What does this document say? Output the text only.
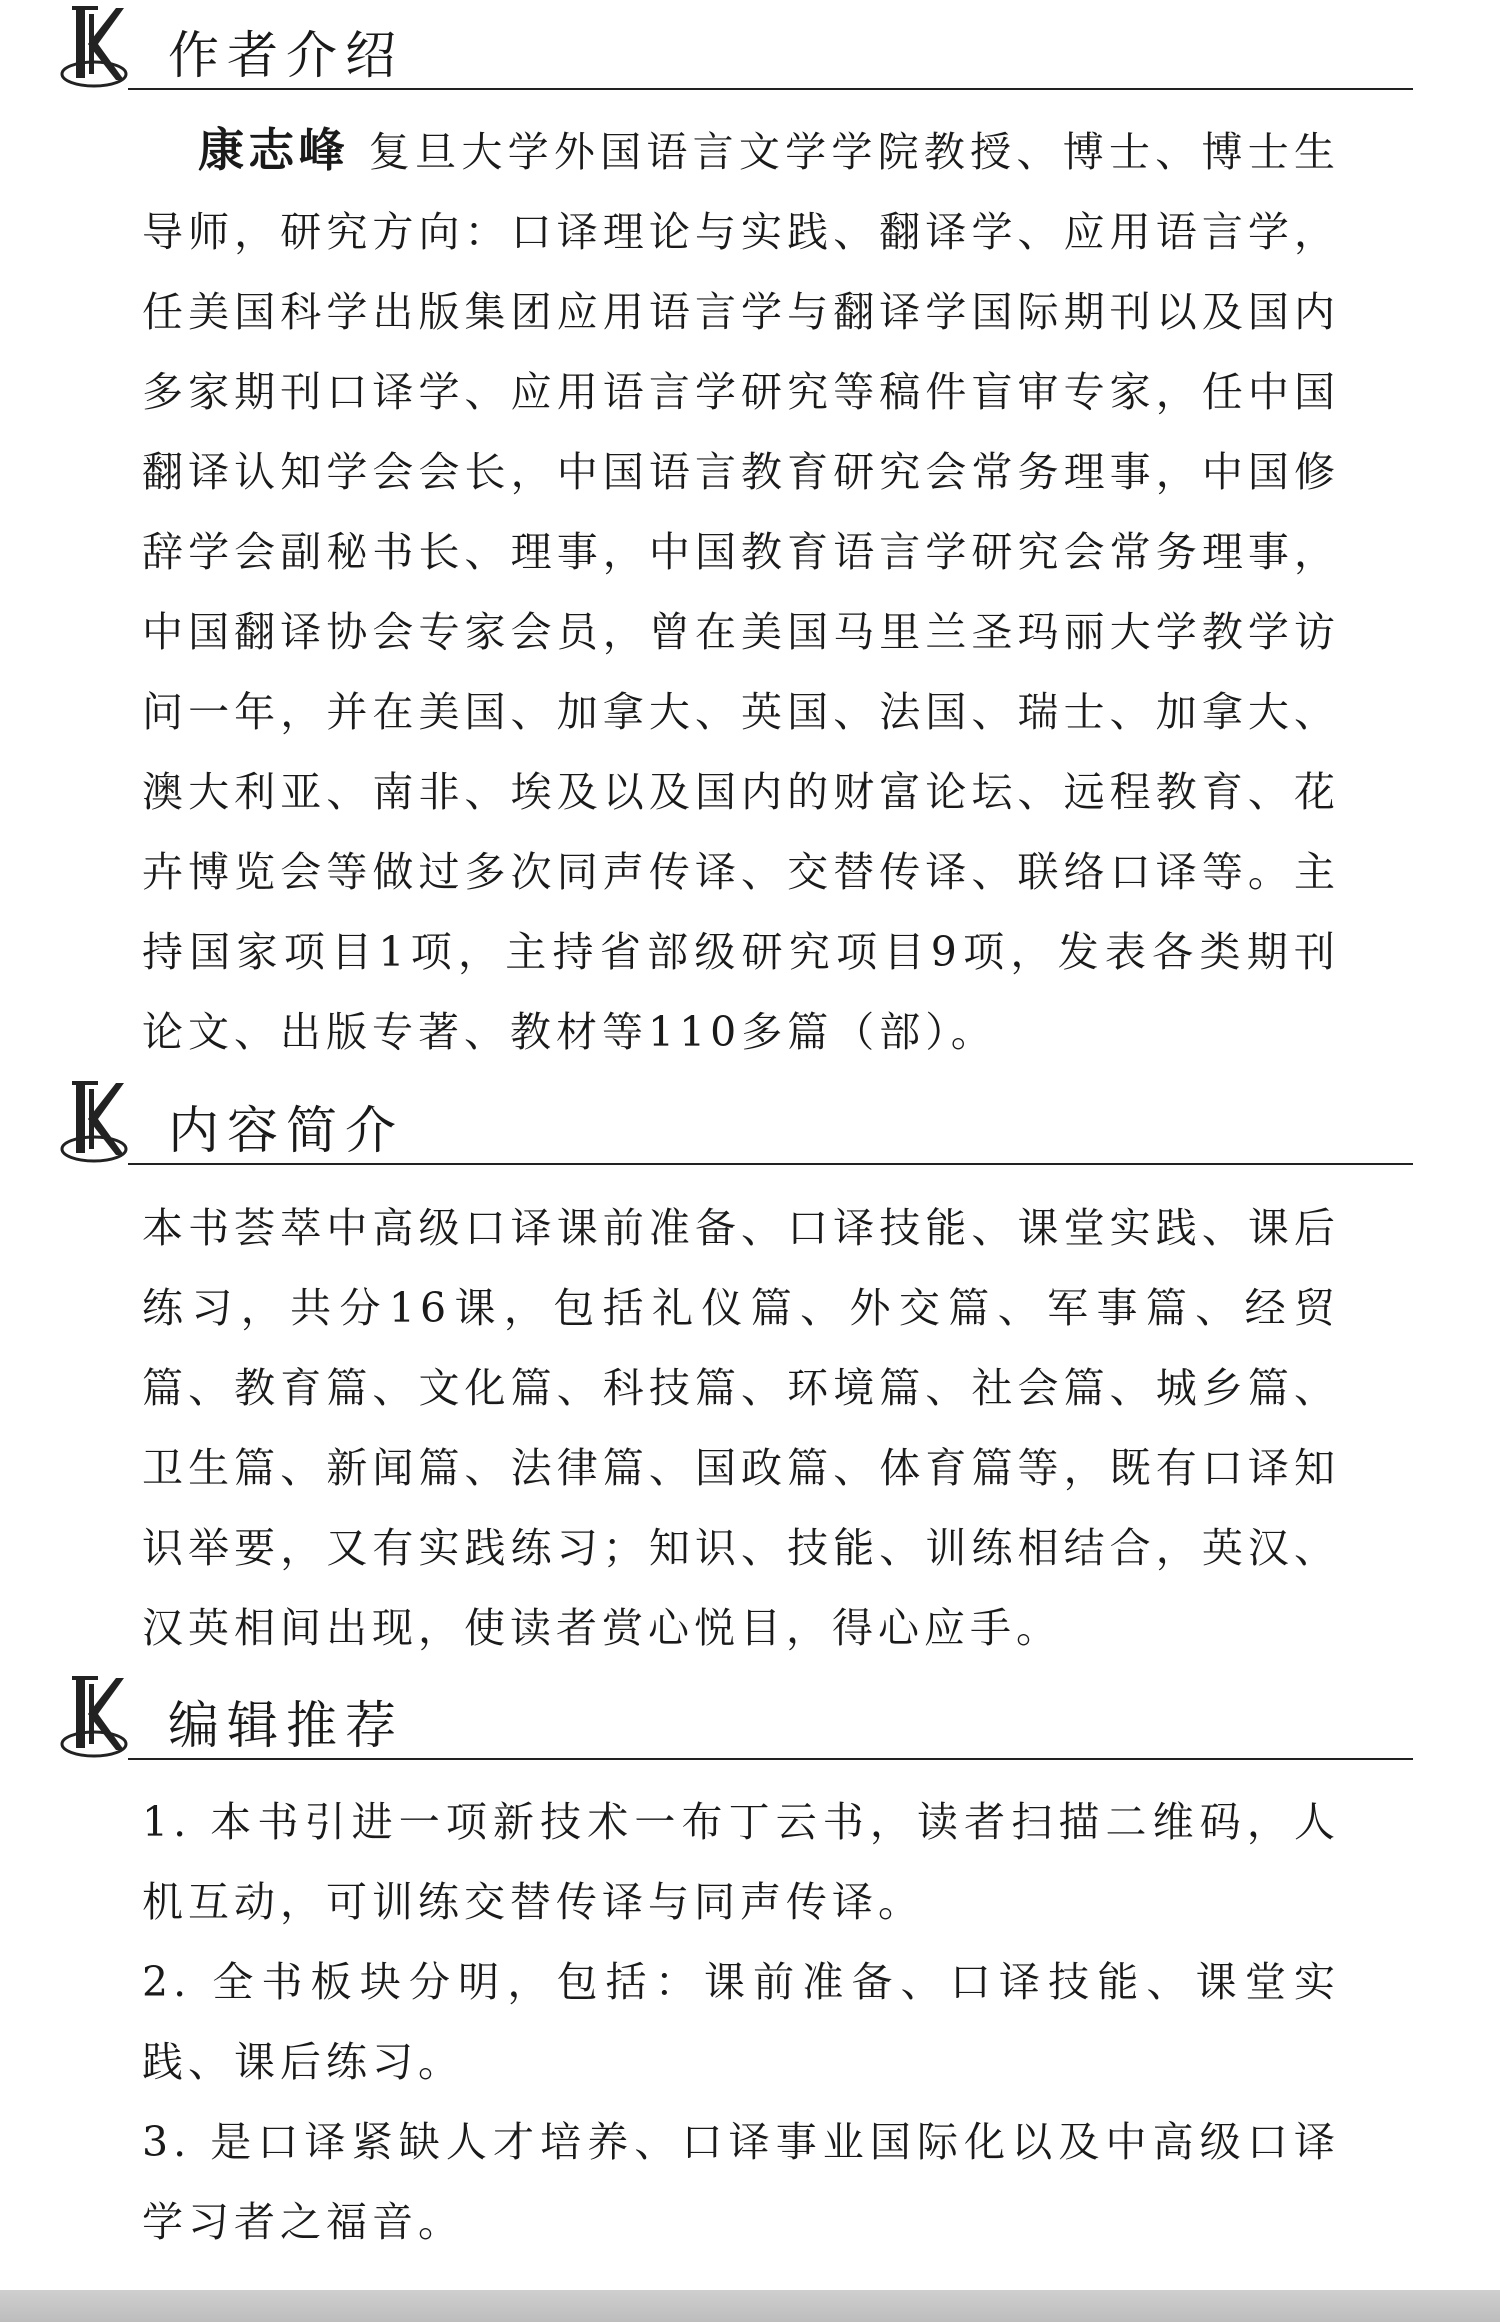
作者介绍

康志峰 复旦大学外国语言文学学院教授、博士、博士生导师，研究方向：口译理论与实践、翻译学、应用语言学，任美国科学出版集团应用语言学与翻译学国际期刊以及国内多家期刊口译学、应用语言学研究等稿件盲审专家，任中国翻译认知学会会长，中国语言教育研究会常务理事，中国修辞学会副秘书长、理事，中国教育语言学研究会常务理事，中国翻译协会专家会员，曾在美国马里兰圣玛丽大学教学访问一年，并在美国、加拿大、英国、法国、瑞士、加拿大、澳大利亚、南非、埃及以及国内的财富论坛、远程教育、花卉博览会等做过多次同声传译、交替传译、联络口译等。主持国家项目1项，主持省部级研究项目9项，发表各类期刊论文、出版专著、教材等110多篇（部）。

内容简介

本书荟萃中高级口译课前准备、口译技能、课堂实践、课后练习，共分16课，包括礼仪篇、外交篇、军事篇、经贸篇、教育篇、文化篇、科技篇、环境篇、社会篇、城乡篇、卫生篇、新闻篇、法律篇、国政篇、体育篇等，既有口译知识举要，又有实践练习；知识、技能、训练相结合，英汉、汉英相间出现，使读者赏心悦目，得心应手。

编辑推荐

1. 本书引进一项新技术一布丁云书，读者扫描二维码，人机互动，可训练交替传译与同声传译。

2. 全书板块分明，包括：课前准备、口译技能、课堂实践、课后练习。

3. 是口译紧缺人才培养、口译事业国际化以及中高级口译学习者之福音。
